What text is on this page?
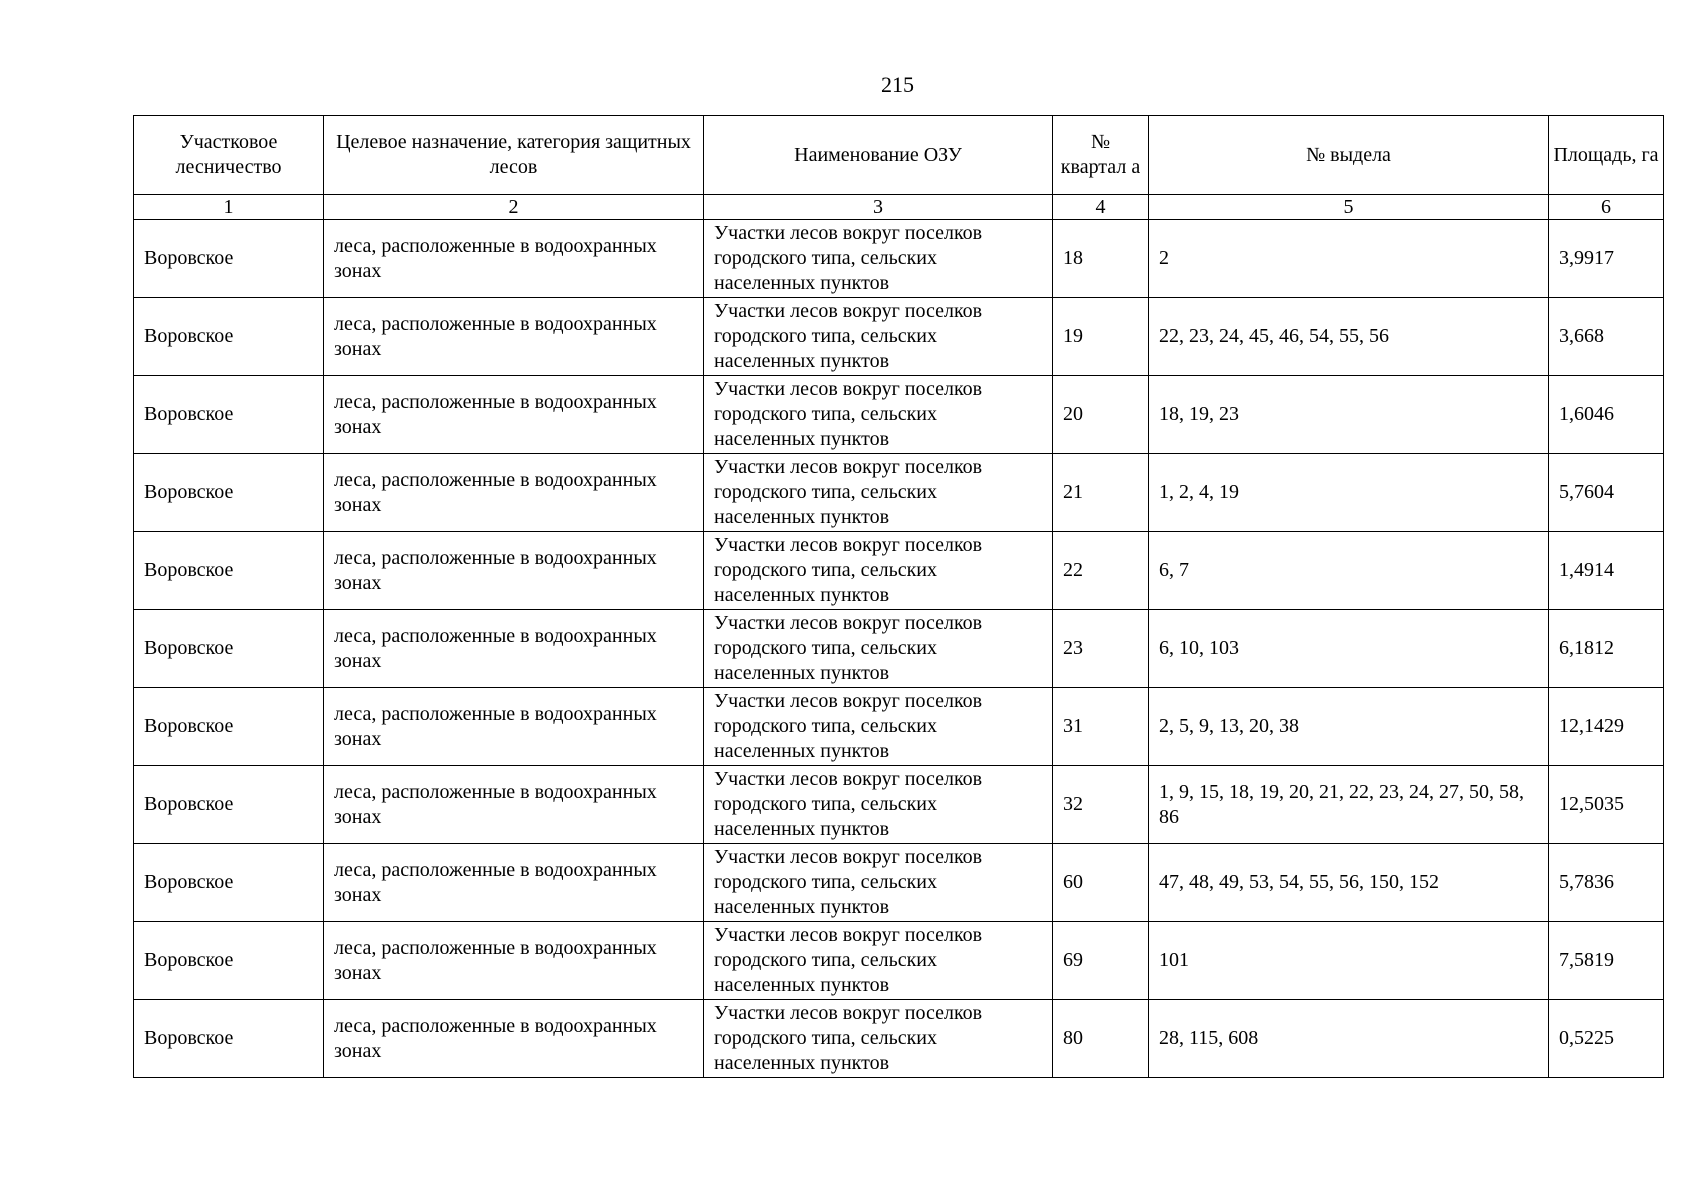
215
Участковое лесничество	Целевое назначение, категория защитных лесов	Наименование ОЗУ	№ квартал а	№ выдела	Площадь, га
1	2	3	4	5	6
Воровское	леса, расположенные в водоохранных зонах	Участки лесов вокруг поселков городского типа, сельских населенных пунктов	18	2	3,9917
Воровское	леса, расположенные в водоохранных зонах	Участки лесов вокруг поселков городского типа, сельских населенных пунктов	19	22, 23, 24, 45, 46, 54, 55, 56	3,668
Воровское	леса, расположенные в водоохранных зонах	Участки лесов вокруг поселков городского типа, сельских населенных пунктов	20	18, 19, 23	1,6046
Воровское	леса, расположенные в водоохранных зонах	Участки лесов вокруг поселков городского типа, сельских населенных пунктов	21	1, 2, 4, 19	5,7604
Воровское	леса, расположенные в водоохранных зонах	Участки лесов вокруг поселков городского типа, сельских населенных пунктов	22	6, 7	1,4914
Воровское	леса, расположенные в водоохранных зонах	Участки лесов вокруг поселков городского типа, сельских населенных пунктов	23	6, 10, 103	6,1812
Воровское	леса, расположенные в водоохранных зонах	Участки лесов вокруг поселков городского типа, сельских населенных пунктов	31	2, 5, 9, 13, 20, 38	12,1429
Воровское	леса, расположенные в водоохранных зонах	Участки лесов вокруг поселков городского типа, сельских населенных пунктов	32	1, 9, 15, 18, 19, 20, 21, 22, 23, 24, 27, 50, 58, 86	12,5035
Воровское	леса, расположенные в водоохранных зонах	Участки лесов вокруг поселков городского типа, сельских населенных пунктов	60	47, 48, 49, 53, 54, 55, 56, 150, 152	5,7836
Воровское	леса, расположенные в водоохранных зонах	Участки лесов вокруг поселков городского типа, сельских населенных пунктов	69	101	7,5819
Воровское	леса, расположенные в водоохранных зонах	Участки лесов вокруг поселков городского типа, сельских населенных пунктов	80	28, 115, 608	0,5225
